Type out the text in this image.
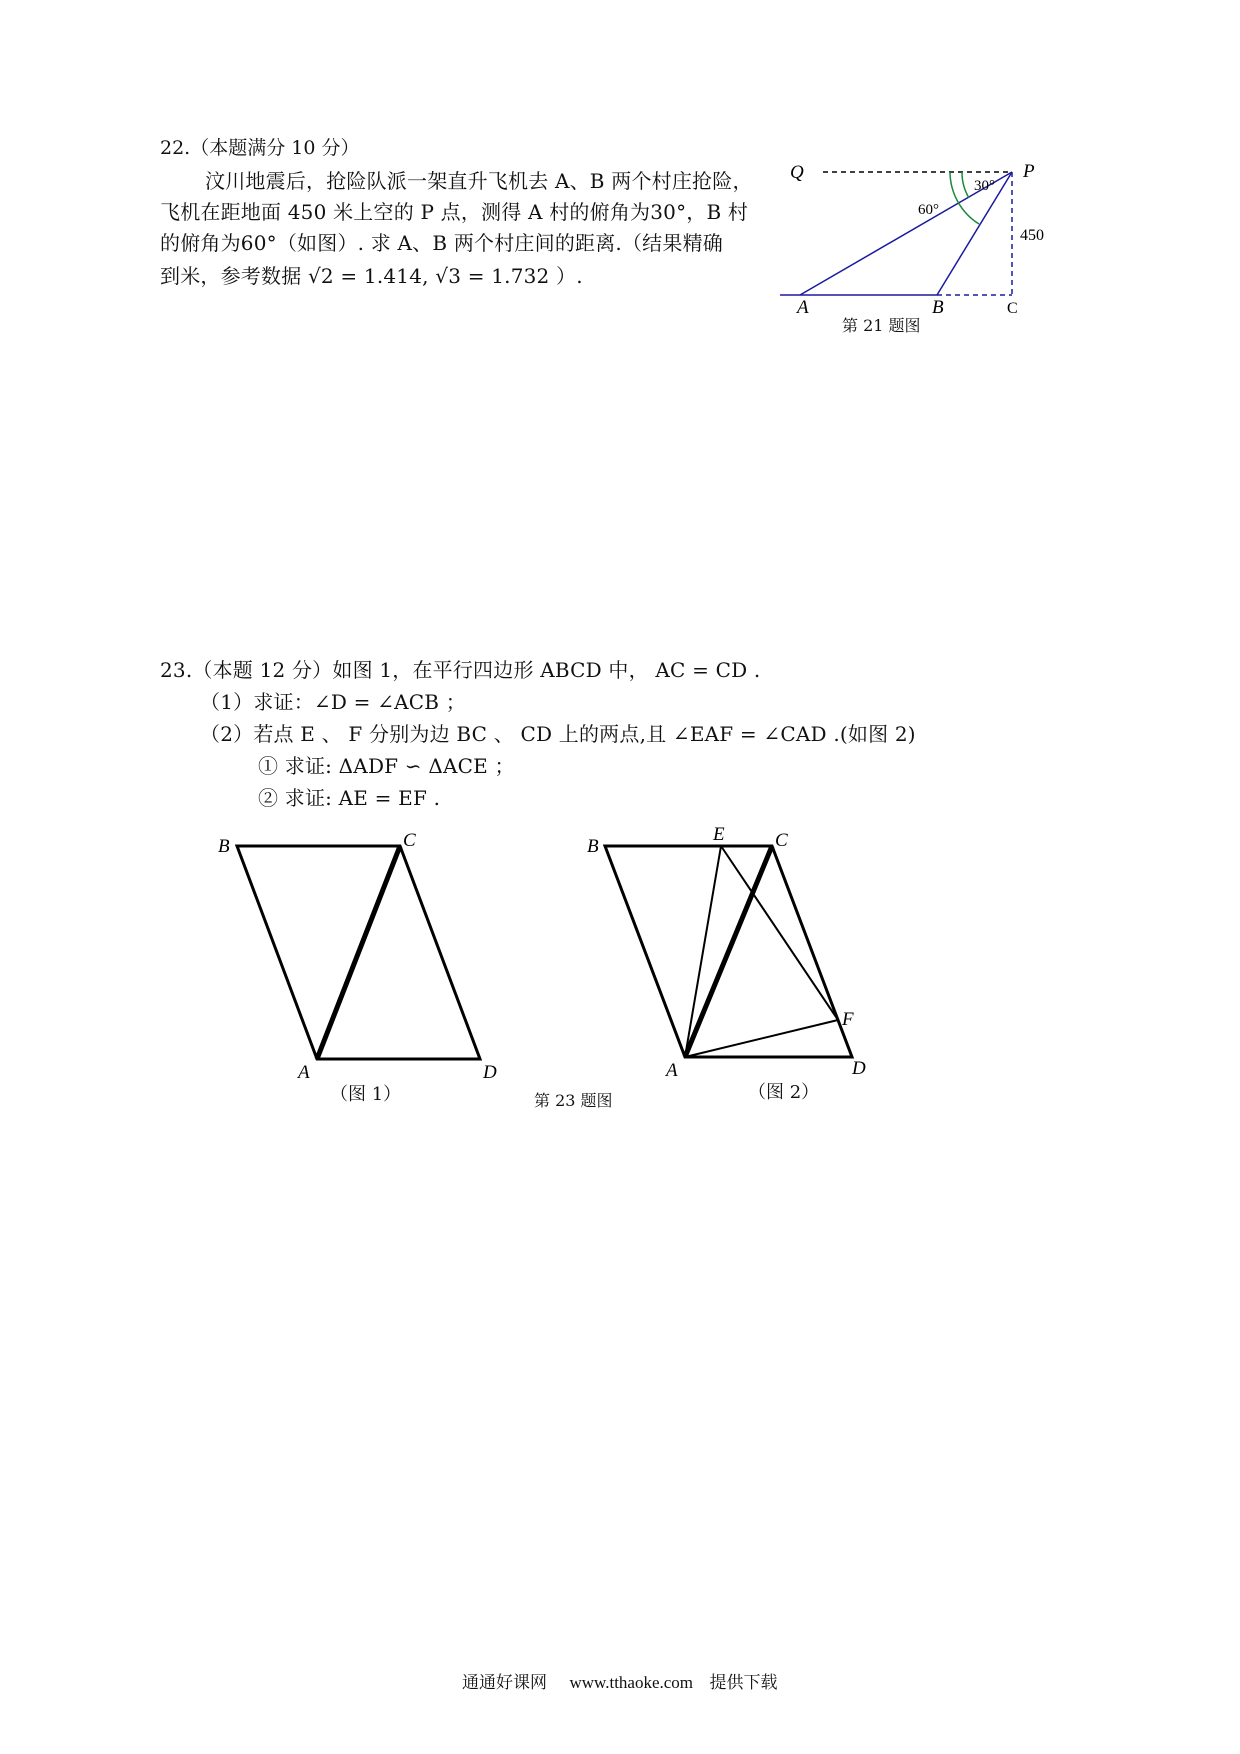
22.（本题满分 10 分）
汶川地震后，抢险队派一架直升飞机去 A、B 两个村庄抢险，
飞机在距地面 450 米上空的 P 点，测得 A 村的俯角为30°，B 村
的俯角为60°（如图）. 求 A、B 两个村庄间的距离.（结果精确
到米，参考数据 √2 = 1.414, √3 = 1.732 ）.
Q	P
30°
60°
450
A	B	C
第 21 题图
23.（本题 12 分）如图 1，在平行四边形 ABCD 中， AC = CD .
（1）求证：∠D = ∠ACB ；
（2）若点 E 、 F 分别为边 BC 、 CD 上的两点,且 ∠EAF = ∠CAD .(如图 2)
① 求证: ΔADF ∽ ΔACE ；
② 求证: AE = EF .
B	C
A	D
（图 1）
B
E	C
F
A	D
（图 2）
第 23 题图
通通好课网 www.tthaoke.com 提供下载
